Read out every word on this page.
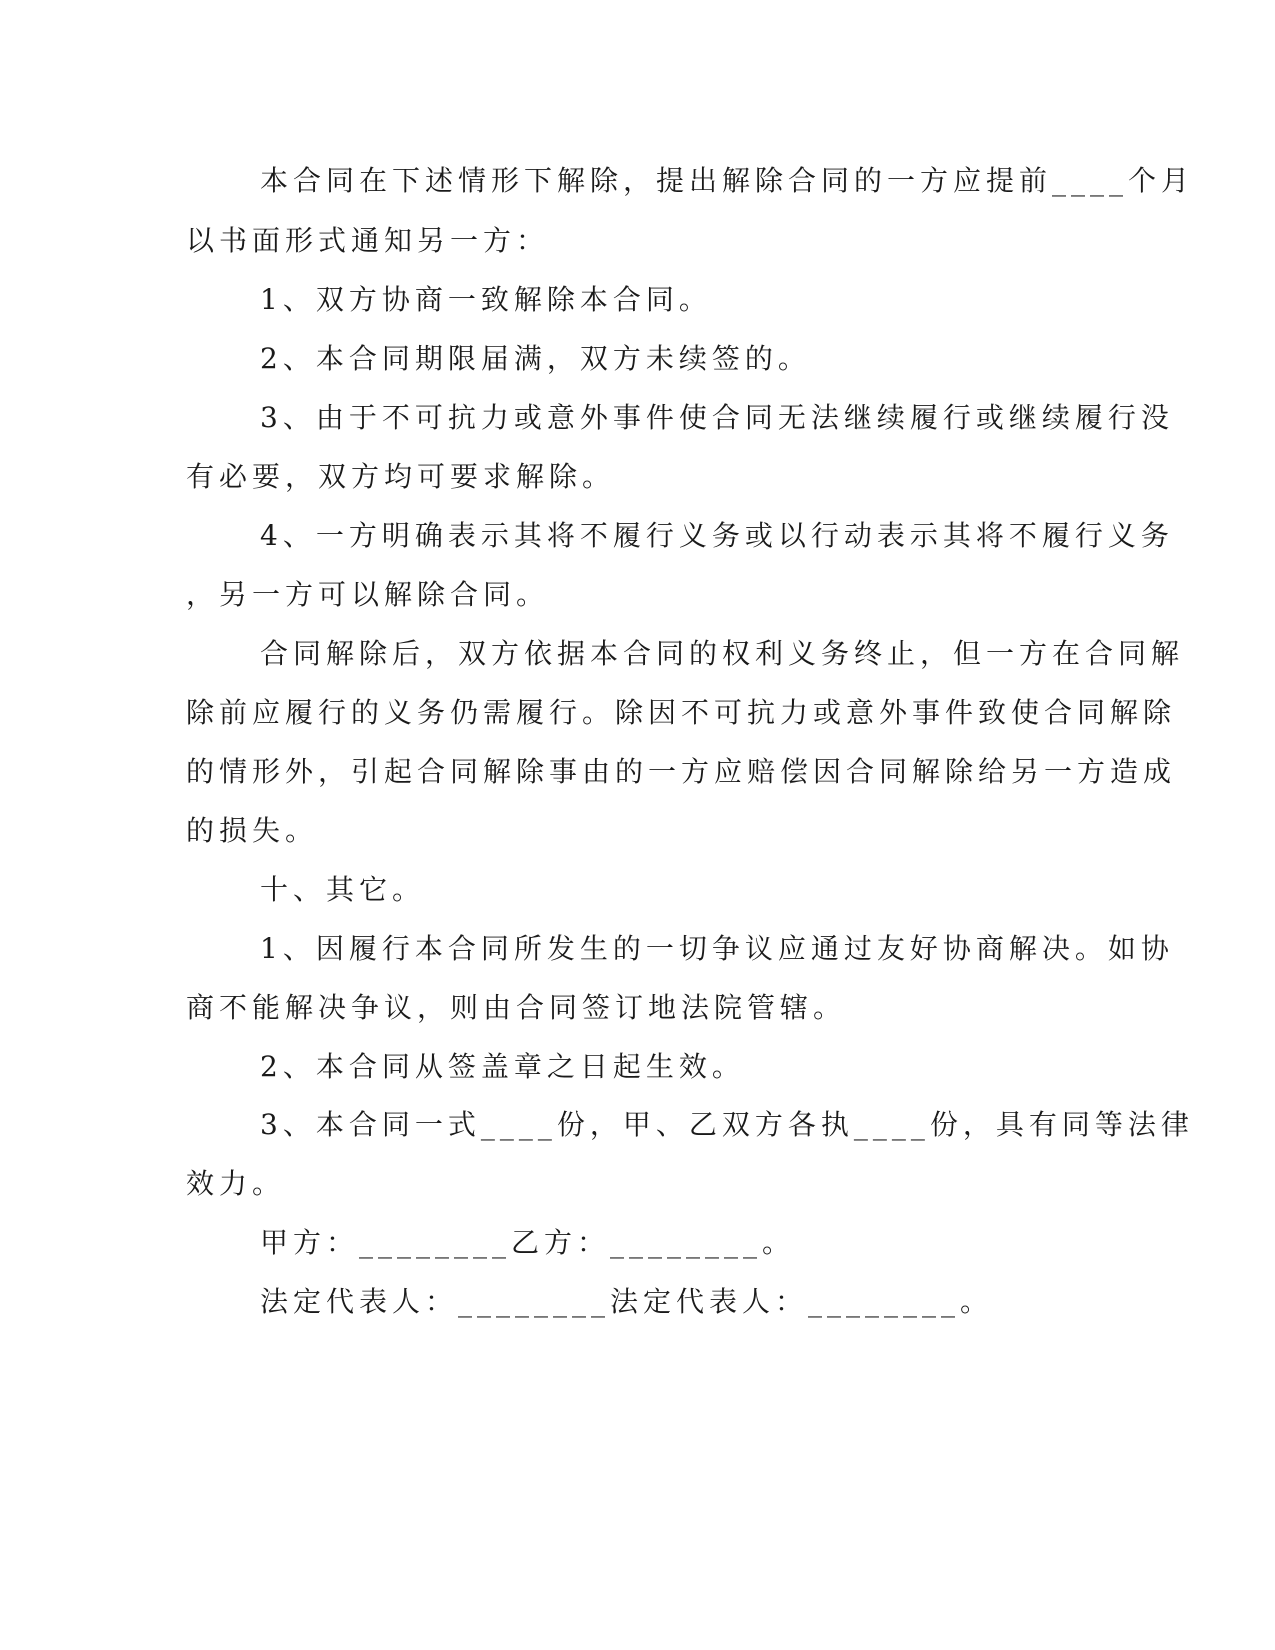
本合同在下述情形下解除，提出解除合同的一方应提前____个月
以书面形式通知另一方：
1、双方协商一致解除本合同。
2、本合同期限届满，双方未续签的。
3、由于不可抗力或意外事件使合同无法继续履行或继续履行没
有必要，双方均可要求解除。
4、一方明确表示其将不履行义务或以行动表示其将不履行义务
，另一方可以解除合同。
合同解除后，双方依据本合同的权利义务终止，但一方在合同解
除前应履行的义务仍需履行。除因不可抗力或意外事件致使合同解除
的情形外，引起合同解除事由的一方应赔偿因合同解除给另一方造成
的损失。
十、其它。
1、因履行本合同所发生的一切争议应通过友好协商解决。如协
商不能解决争议，则由合同签订地法院管辖。
2、本合同从签盖章之日起生效。
3、本合同一式____份，甲、乙双方各执____份，具有同等法律
效力。
甲方：________乙方：________。
法定代表人：________法定代表人：________。
